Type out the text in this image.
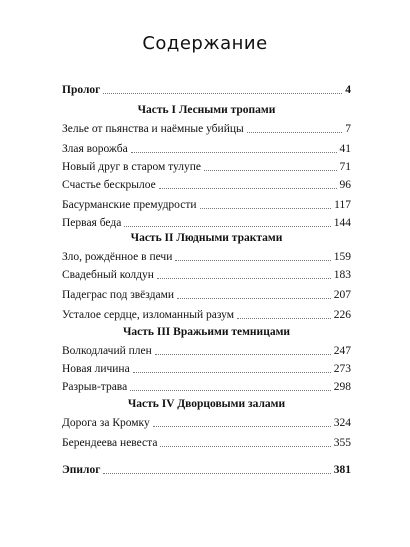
Содержание
Пролог	4
Часть I Лесными тропами
Зелье от пьянства и наёмные убийцы	7
Злая ворожба	41
Новый друг в старом тулупе	71
Счастье бескрылое	96
Басурманские премудрости	117
Первая беда	144
Часть II Людными трактами
Зло, рождённое в печи	159
Свадебный колдун	183
Падеграс под звёздами	207
Усталое сердце, изломанный разум	226
Часть III Вражьими темницами
Волкодлачий плен	247
Новая личина	273
Разрыв-трава	298
Часть IV Дворцовыми залами
Дорога за Кромку	324
Берендеева невеста	355
Эпилог	381
